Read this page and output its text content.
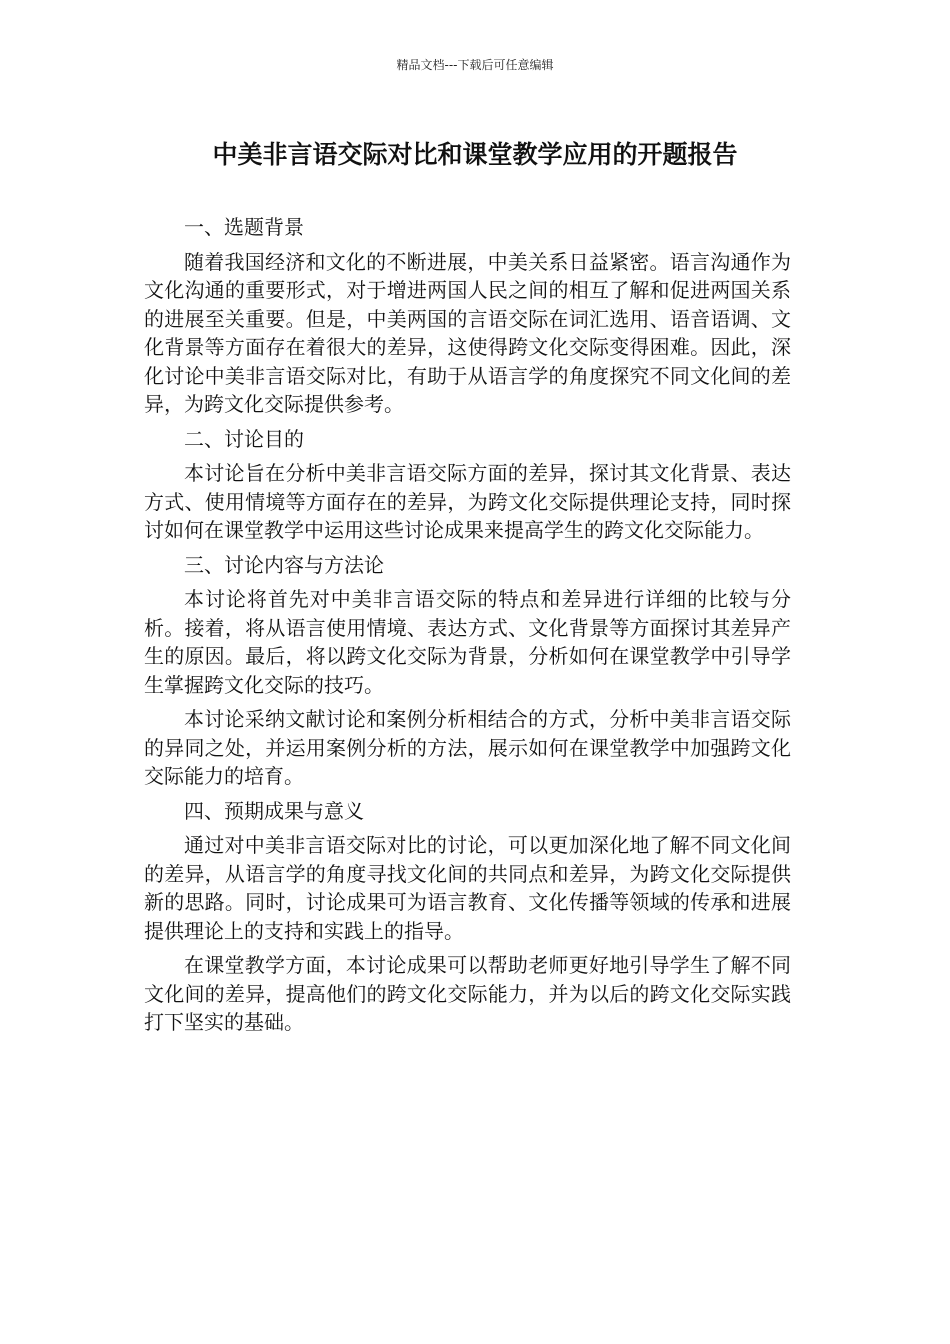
精品文档---下载后可任意编辑
中美非言语交际对比和课堂教学应用的开题报告

一、选题背景

随着我国经济和文化的不断进展，中美关系日益紧密。语言沟通作为文化沟通的重要形式，对于增进两国人民之间的相互了解和促进两国关系的进展至关重要。但是，中美两国的言语交际在词汇选用、语音语调、文化背景等方面存在着很大的差异，这使得跨文化交际变得困难。因此，深化讨论中美非言语交际对比，有助于从语言学的角度探究不同文化间的差异，为跨文化交际提供参考。

二、讨论目的

本讨论旨在分析中美非言语交际方面的差异，探讨其文化背景、表达方式、使用情境等方面存在的差异，为跨文化交际提供理论支持，同时探讨如何在课堂教学中运用这些讨论成果来提高学生的跨文化交际能力。

三、讨论内容与方法论

本讨论将首先对中美非言语交际的特点和差异进行详细的比较与分析。接着，将从语言使用情境、表达方式、文化背景等方面探讨其差异产生的原因。最后，将以跨文化交际为背景，分析如何在课堂教学中引导学生掌握跨文化交际的技巧。

本讨论采纳文献讨论和案例分析相结合的方式，分析中美非言语交际的异同之处，并运用案例分析的方法，展示如何在课堂教学中加强跨文化交际能力的培育。

四、预期成果与意义

通过对中美非言语交际对比的讨论，可以更加深化地了解不同文化间的差异，从语言学的角度寻找文化间的共同点和差异，为跨文化交际提供新的思路。同时，讨论成果可为语言教育、文化传播等领域的传承和进展提供理论上的支持和实践上的指导。

在课堂教学方面，本讨论成果可以帮助老师更好地引导学生了解不同文化间的差异，提高他们的跨文化交际能力，并为以后的跨文化交际实践打下坚实的基础。
